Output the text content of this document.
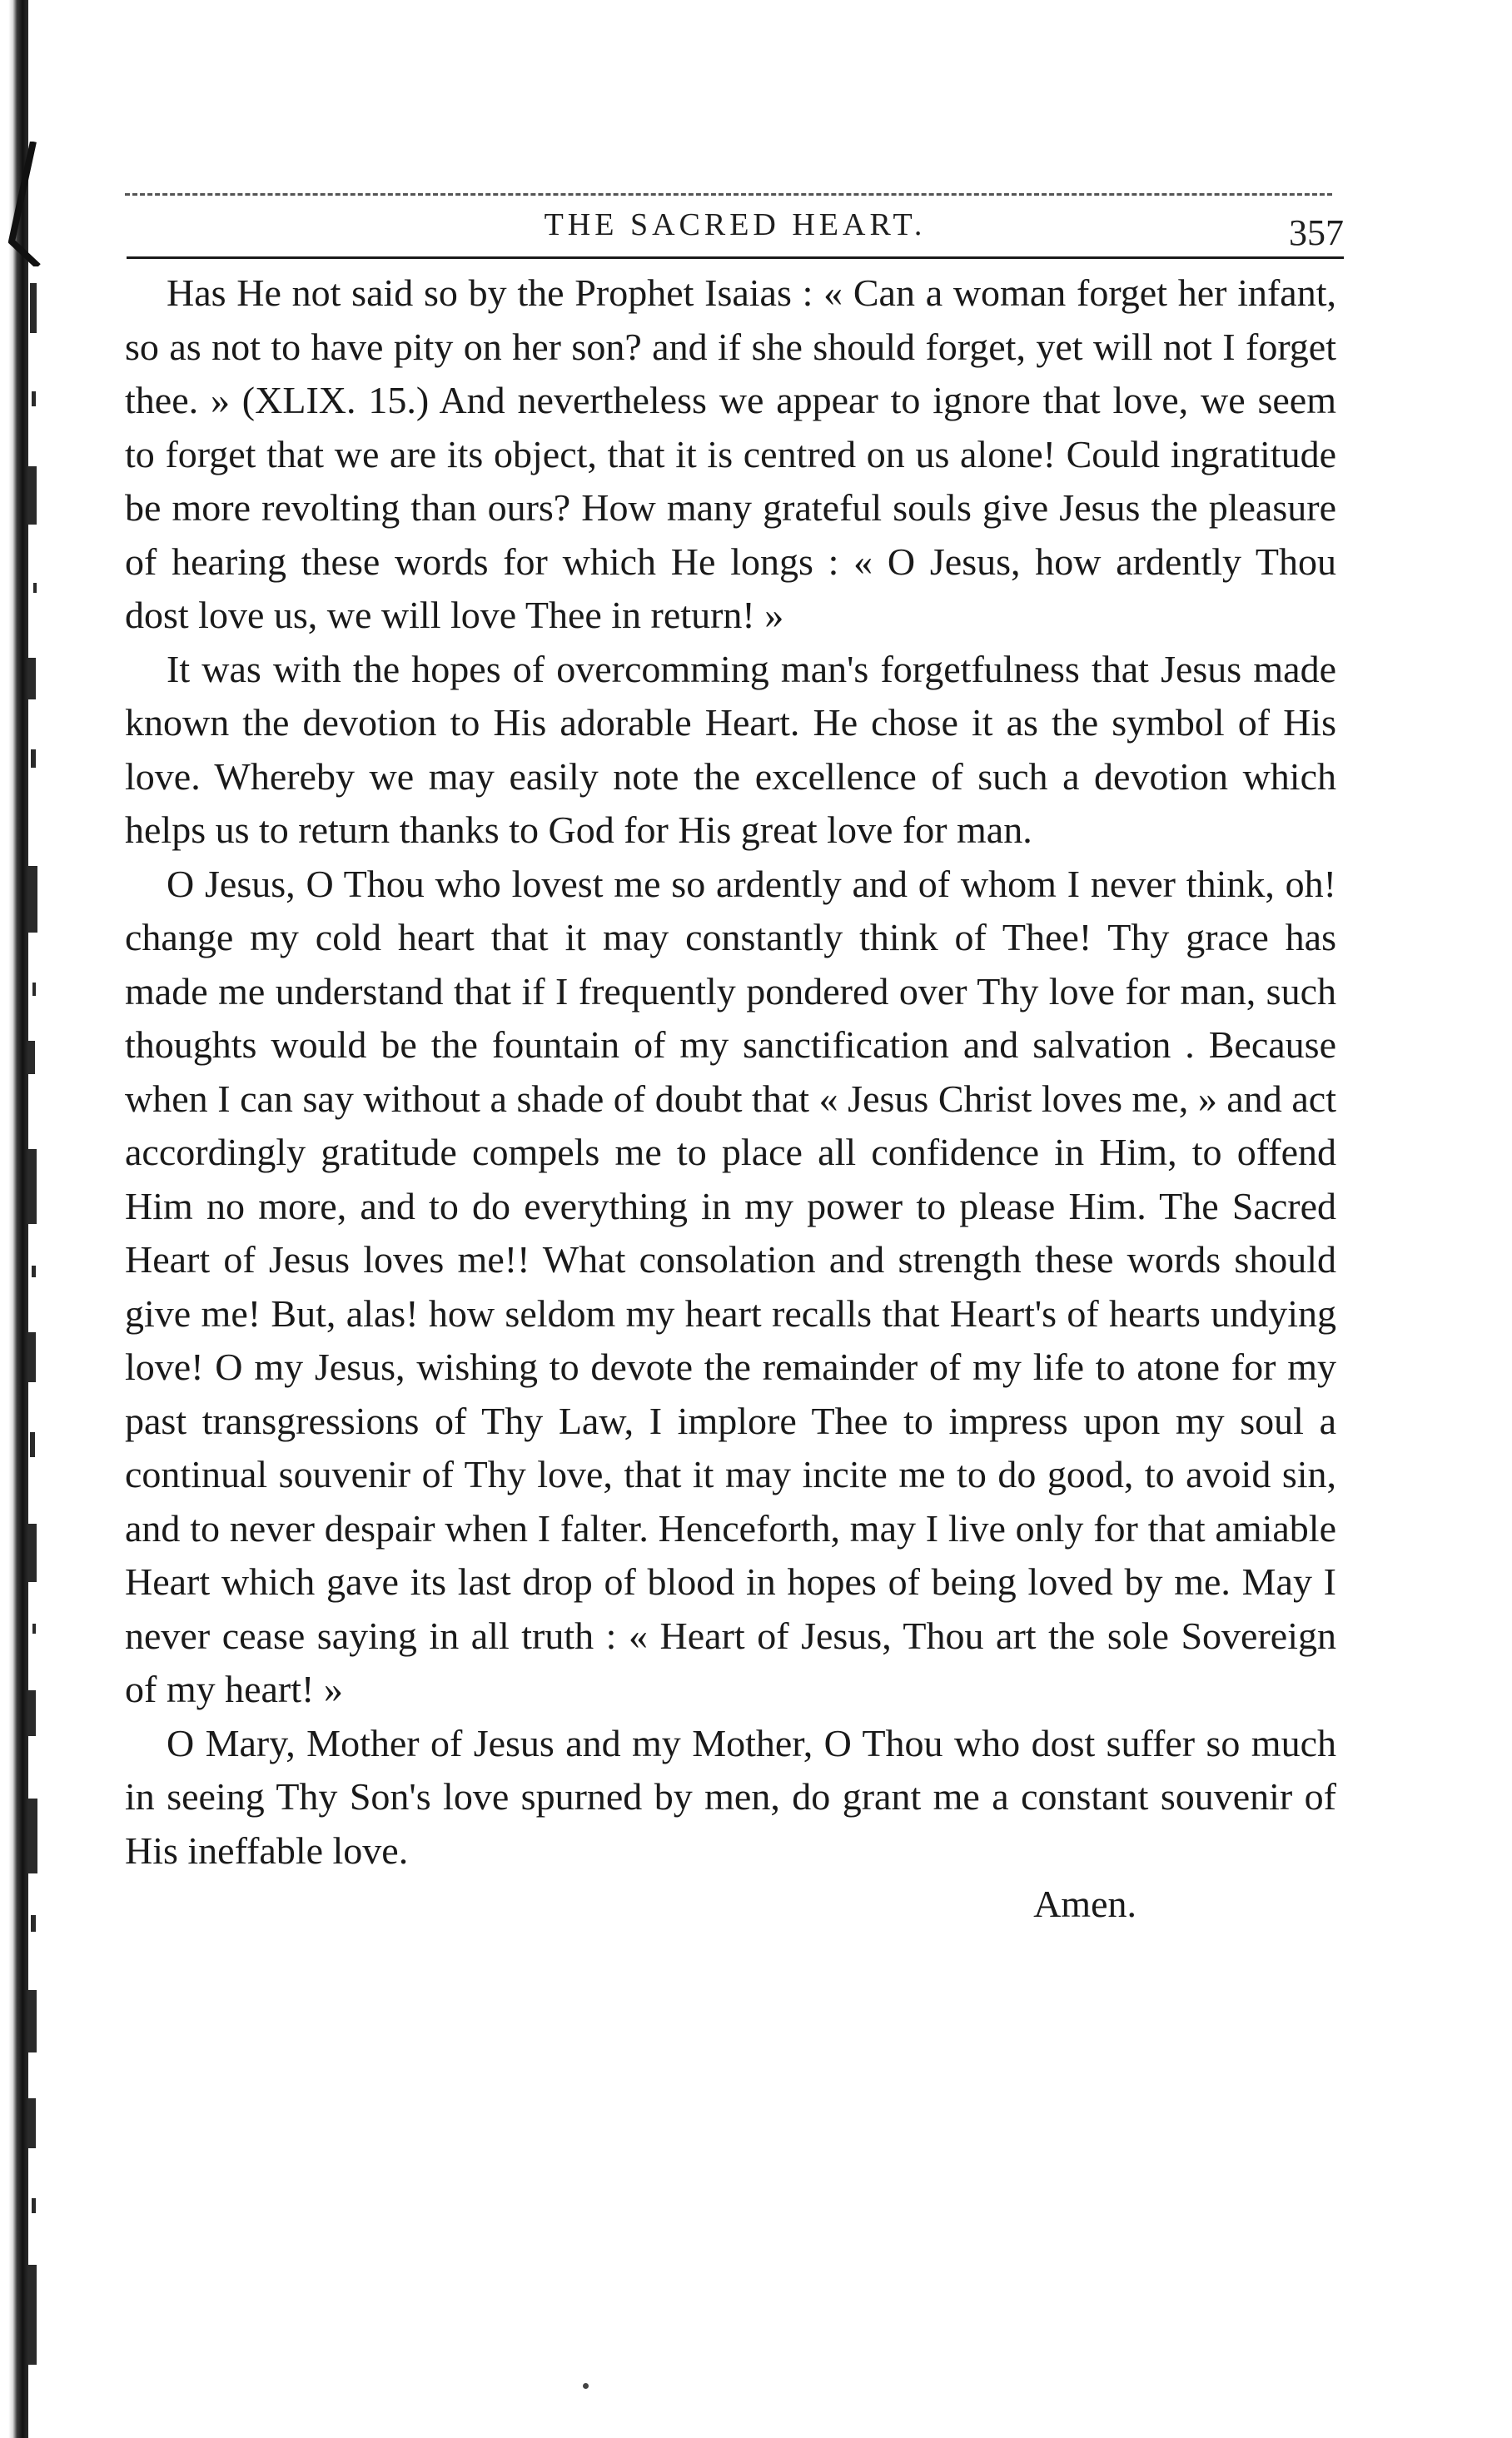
THE SACRED HEART.	357

Has He not said so by the Prophet Isaias : « Can a woman forget her infant, so as not to have pity on her son? and if she should forget, yet will not I forget thee. » (XLIX. 15.) And nevertheless we appear to ignore that love, we seem to forget that we are its object, that it is centred on us alone! Could ingratitude be more revolting than ours? How many grateful souls give Jesus the pleasure of hearing these words for which He longs : « O Jesus, how ardently Thou dost love us, we will love Thee in return! »

It was with the hopes of overcomming man's forgetfulness that Jesus made known the devotion to His adorable Heart. He chose it as the symbol of His love. Whereby we may easily note the excellence of such a devotion which helps us to return thanks to God for His great love for man.

O Jesus, O Thou who lovest me so ardently and of whom I never think, oh! change my cold heart that it may constantly think of Thee! Thy grace has made me understand that if I frequently pondered over Thy love for man, such thoughts would be the fountain of my sanctification and salvation . Because when I can say without a shade of doubt that « Jesus Christ loves me, » and act accordingly gratitude compels me to place all confidence in Him, to offend Him no more, and to do everything in my power to please Him. The Sacred Heart of Jesus loves me!! What consolation and strength these words should give me! But, alas! how seldom my heart recalls that Heart's of hearts undying love! O my Jesus, wishing to devote the remainder of my life to atone for my past transgressions of Thy Law, I implore Thee to impress upon my soul a continual souvenir of Thy love, that it may incite me to do good, to avoid sin, and to never despair when I falter. Henceforth, may I live only for that amiable Heart which gave its last drop of blood in hopes of being loved by me. May I never cease saying in all truth : « Heart of Jesus, Thou art the sole Sovereign of my heart! »

O Mary, Mother of Jesus and my Mother, O Thou who dost suffer so much in seeing Thy Son's love spurned by men, do grant me a constant souvenir of His ineffable love.

Amen.
